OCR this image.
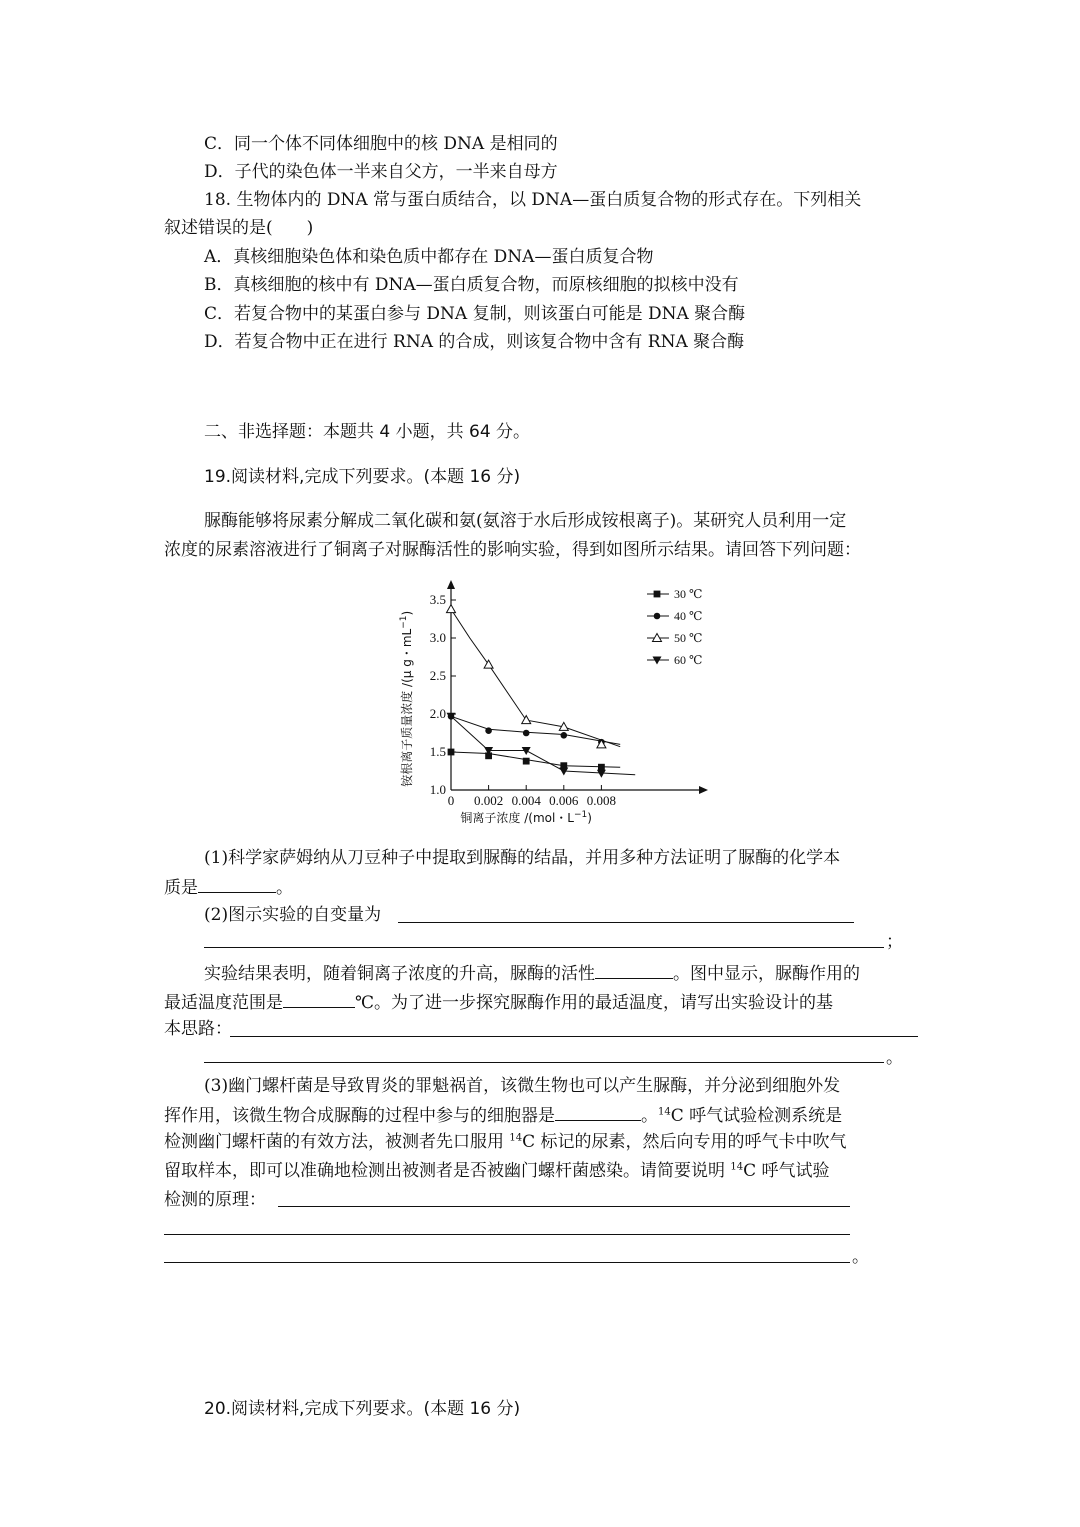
C．同一个体不同体细胞中的核 DNA 是相同的
D．子代的染色体一半来自父方，一半来自母方
18. 生物体内的 DNA 常与蛋白质结合，以 DNA—蛋白质复合物的形式存在。下列相关
叙述错误的是(　　)
A．真核细胞染色体和染色质中都存在 DNA—蛋白质复合物
B．真核细胞的核中有 DNA—蛋白质复合物，而原核细胞的拟核中没有
C．若复合物中的某蛋白参与 DNA 复制，则该蛋白可能是 DNA 聚合酶
D．若复合物中正在进行 RNA 的合成，则该复合物中含有 RNA 聚合酶
二、非选择题：本题共 4 小题，共 64 分。
19.阅读材料,完成下列要求。(本题 16 分)
脲酶能够将尿素分解成二氧化碳和氨(氨溶于水后形成铵根离子)。某研究人员利用一定
浓度的尿素溶液进行了铜离子对脲酶活性的影响实验，得到如图所示结果。请回答下列问题：
1.0
1.5
2.0
2.5
3.0
3.5
0 0.002 0.004 0.006 0.008
铜离子浓度 /(mol・$L^{-1}$)
铵根离子质量浓度 /(μ g・$mL^{-1}$)
30 ℃
40 ℃
50 ℃
60 ℃
(1)科学家萨姆纳从刀豆种子中提取到脲酶的结晶，并用多种方法证明了脲酶的化学本
质是	。
(2)图示实验的自变量为
；
实验结果表明，随着铜离子浓度的升高，脲酶的活性	。图中显示，脲酶作用的
最适温度范围是	℃。为了进一步探究脲酶作用的最适温度，请写出实验设计的基
本思路：
。
(3)幽门螺杆菌是导致胃炎的罪魁祸首，该微生物也可以产生脲酶，并分泌到细胞外发
挥作用，该微生物合成脲酶的过程中参与的细胞器是	。$^{14}$C 呼气试验检测系统是
检测幽门螺杆菌的有效方法，被测者先口服用 $^{14}$C 标记的尿素，然后向专用的呼气卡中吹气
留取样本，即可以准确地检测出被测者是否被幽门螺杆菌感染。请简要说明 $^{14}$C 呼气试验
检测的原理：
。
20.阅读材料,完成下列要求。(本题 16 分)
